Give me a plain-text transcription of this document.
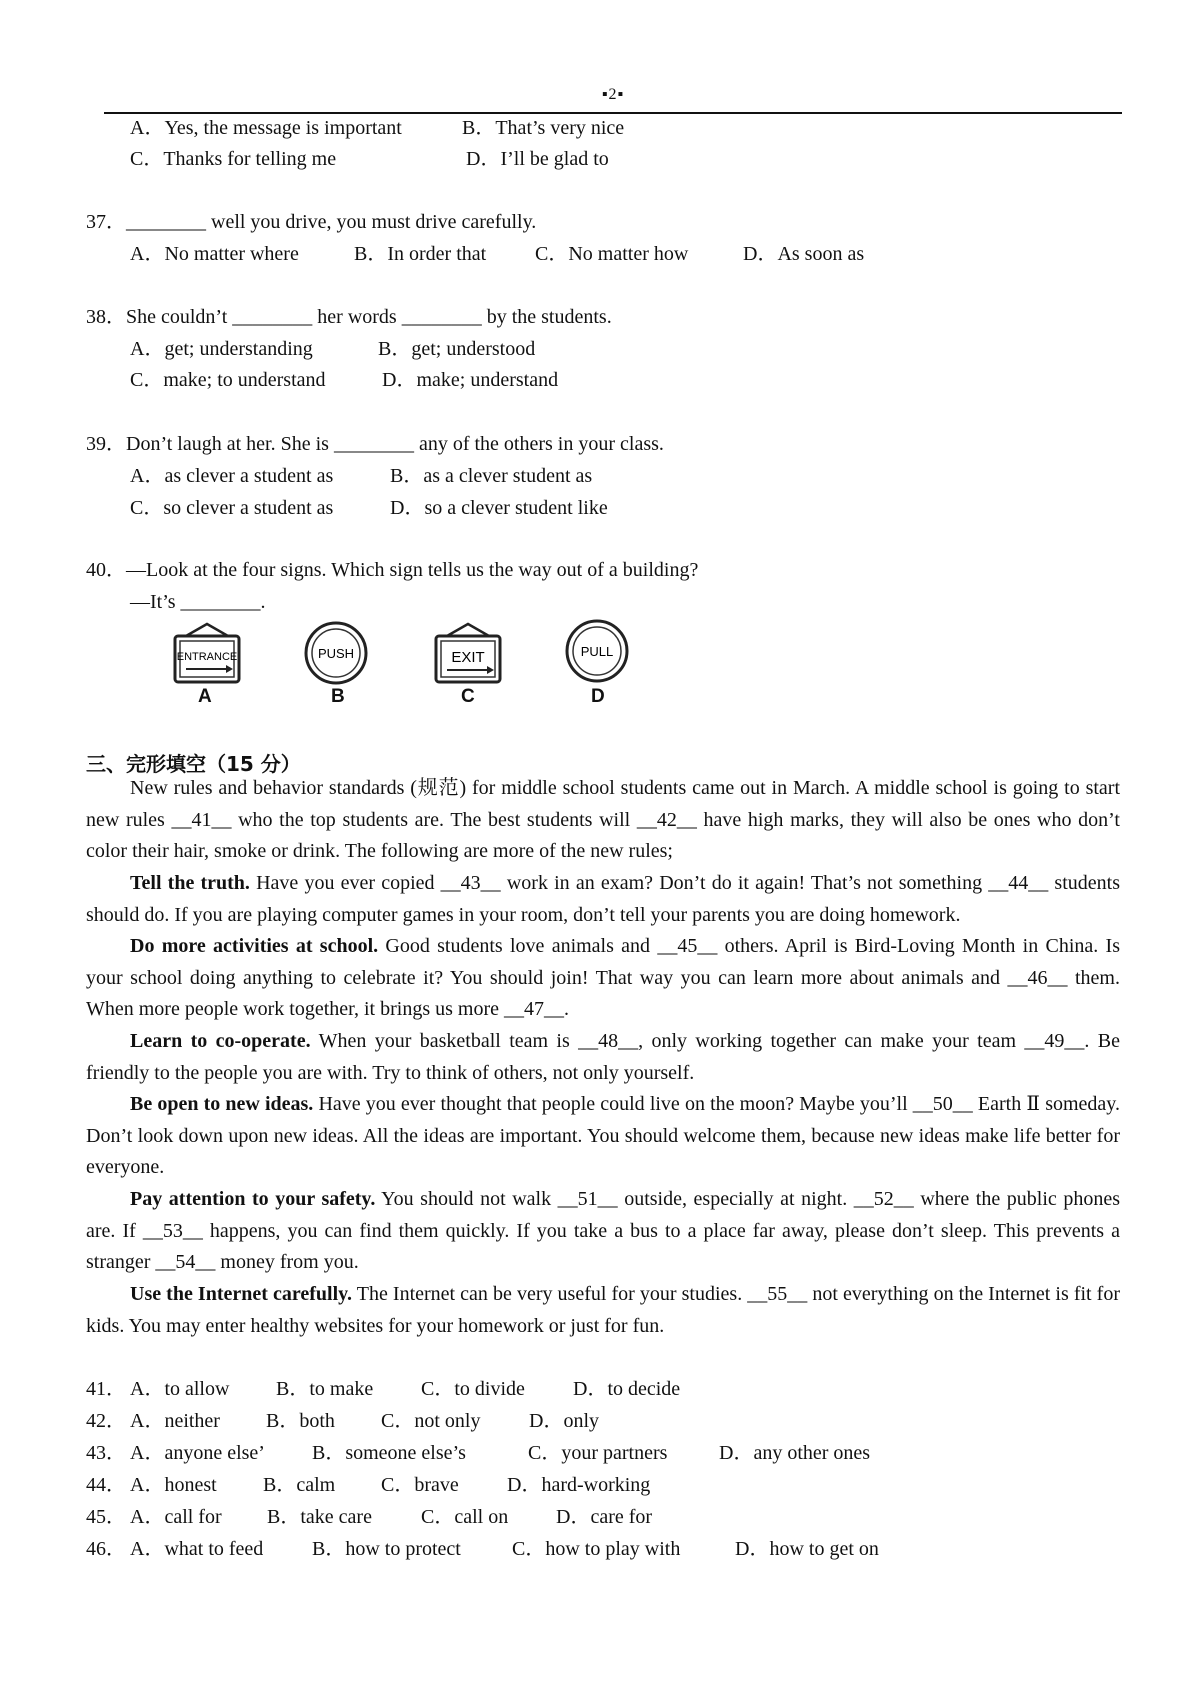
▪2▪
A．Yes, the message is important	B．That’s very nice
C．Thanks for telling me	D．I’ll be glad to
37．________ well you drive, you must drive carefully.
A．No matter where	B．In order that C．No matter how	D．As soon as
38．She couldn’t ________ her words ________ by the students.
A．get; understanding	B．get; understood
C．make; to understand	D．make; understand
39．Don’t laugh at her. She is ________ any of the others in your class.
A．as clever a student as	B．as a clever student as
C．so clever a student as	D．so a clever student like
40．—Look at the four signs. Which sign tells us the way out of a building?
—It’s ________.
ENTRANCE
A
PUSH
B
EXIT
C
PULL
D
三、完形填空（15 分）
New rules and behavior standards (规范) for middle school students came out in March. A middle school is going to start new rules __41__ who the top students are. The best students will __42__ have high marks, they will also be ones who don’t color their hair, smoke or drink. The following are more of the new rules;
Tell the truth. Have you ever copied __43__ work in an exam? Don’t do it again! That’s not something __44__ students should do. If you are playing computer games in your room, don’t tell your parents you are doing homework.
Do more activities at school. Good students love animals and __45__ others. April is Bird-Loving Month in China. Is your school doing anything to celebrate it? You should join! That way you can learn more about animals and __46__ them. When more people work together, it brings us more __47__.
Learn to co-operate. When your basketball team is __48__, only working together can make your team __49__. Be friendly to the people you are with. Try to think of others, not only yourself.
Be open to new ideas. Have you ever thought that people could live on the moon? Maybe you’ll __50__ Earth Ⅱ someday. Don’t look down upon new ideas. All the ideas are important. You should welcome them, because new ideas make life better for everyone.
Pay attention to your safety. You should not walk __51__ outside, especially at night. __52__ where the public phones are. If __53__ happens, you can find them quickly. If you take a bus to a place far away, please don’t sleep. This prevents a stranger __54__ money from you.
Use the Internet carefully. The Internet can be very useful for your studies. __55__ not everything on the Internet is fit for kids. You may enter healthy websites for your homework or just for fun.
41． A．to allow B．to make C．to divide D．to decide
42． A．neither B．both C．not only D．only
43． A．anyone else’ B．someone else’s	C．your partners	D．any other ones
44． A．honest B．calm C．brave D．hard-working
45． A．call for B．take care C．call on D．care for
46． A．what to feed B．how to protect	C．how to play with	D．how to get on
